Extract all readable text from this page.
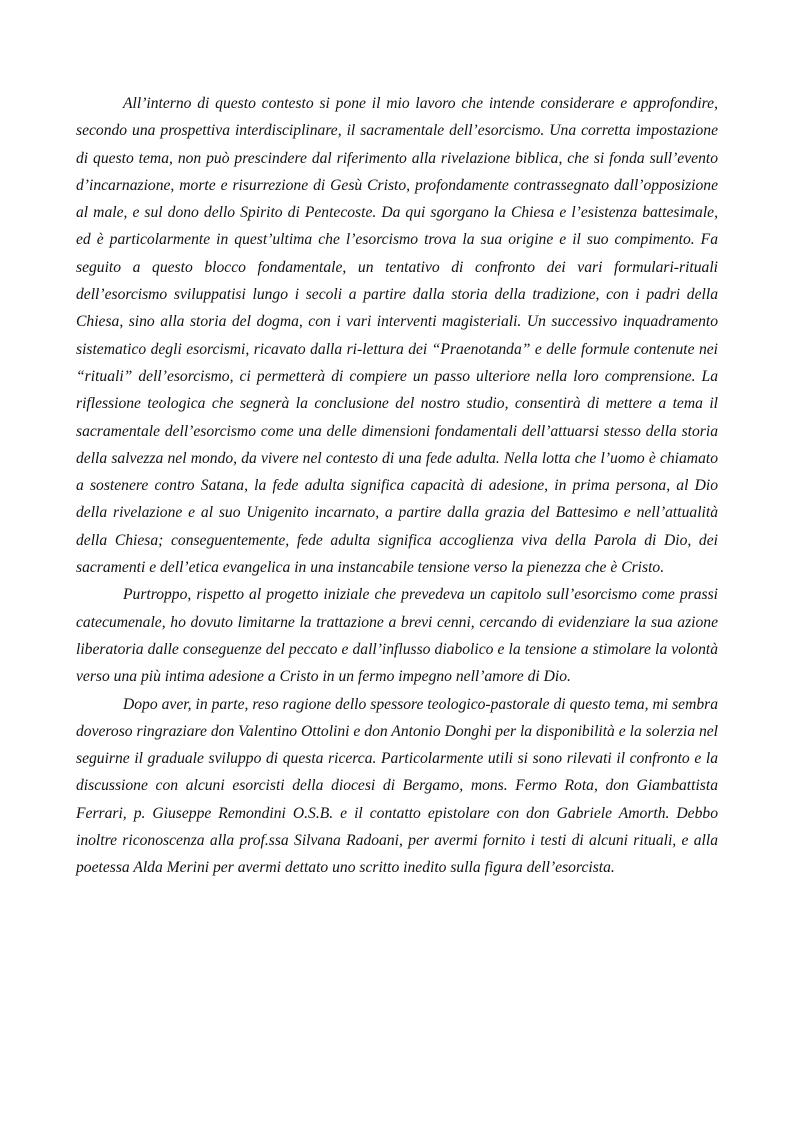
All’interno di questo contesto si pone il mio lavoro che intende considerare e approfondire, secondo una prospettiva interdisciplinare, il sacramentale dell’esorcismo. Una corretta impostazione di questo tema, non può prescindere dal riferimento alla rivelazione biblica, che si fonda sull’evento d’incarnazione, morte e risurrezione di Gesù Cristo, profondamente contrassegnato dall’opposizione al male, e sul dono dello Spirito di Pentecoste. Da qui sgorgano la Chiesa e l’esistenza battesimale, ed è particolarmente in quest’ultima che l’esorcismo trova la sua origine e il suo compimento. Fa seguito a questo blocco fondamentale, un tentativo di confronto dei vari formulari-rituali dell’esorcismo sviluppatisi lungo i secoli a partire dalla storia della tradizione, con i padri della Chiesa, sino alla storia del dogma, con i vari interventi magisteriali. Un successivo inquadramento sistematico degli esorcismi, ricavato dalla ri-lettura dei “Praenotanda” e delle formule contenute nei “rituali” dell’esorcismo, ci permetterà di compiere un passo ulteriore nella loro comprensione. La riflessione teologica che segnerà la conclusione del nostro studio, consentirà di mettere a tema il sacramentale dell’esorcismo come una delle dimensioni fondamentali dell’attuarsi stesso della storia della salvezza nel mondo, da vivere nel contesto di una fede adulta. Nella lotta che l’uomo è chiamato a sostenere contro Satana, la fede adulta significa capacità di adesione, in prima persona, al Dio della rivelazione e al suo Unigenito incarnato, a partire dalla grazia del Battesimo e nell’attualità della Chiesa; conseguentemente, fede adulta significa accoglienza viva della Parola di Dio, dei sacramenti e dell’etica evangelica in una instancabile tensione verso la pienezza che è Cristo.

Purtroppo, rispetto al progetto iniziale che prevedeva un capitolo sull’esorcismo come prassi catecumenale, ho dovuto limitarne la trattazione a brevi cenni, cercando di evidenziare la sua azione liberatoria dalle conseguenze del peccato e dall’influsso diabolico e la tensione a stimolare la volontà verso una più intima adesione a Cristo in un fermo impegno nell’amore di Dio.

Dopo aver, in parte, reso ragione dello spessore teologico-pastorale di questo tema, mi sembra doveroso ringraziare don Valentino Ottolini e don Antonio Donghi per la disponibilità e la solerzia nel seguirne il graduale sviluppo di questa ricerca. Particolarmente utili si sono rilevati il confronto e la discussione con alcuni esorcisti della diocesi di Bergamo, mons. Fermo Rota, don Giambattista Ferrari, p. Giuseppe Remondini O.S.B. e il contatto epistolare con don Gabriele Amorth. Debbo inoltre riconoscenza alla prof.ssa Silvana Radoani, per avermi fornito i testi di alcuni rituali, e alla poetessa Alda Merini per avermi dettato uno scritto inedito sulla figura dell’esorcista.
